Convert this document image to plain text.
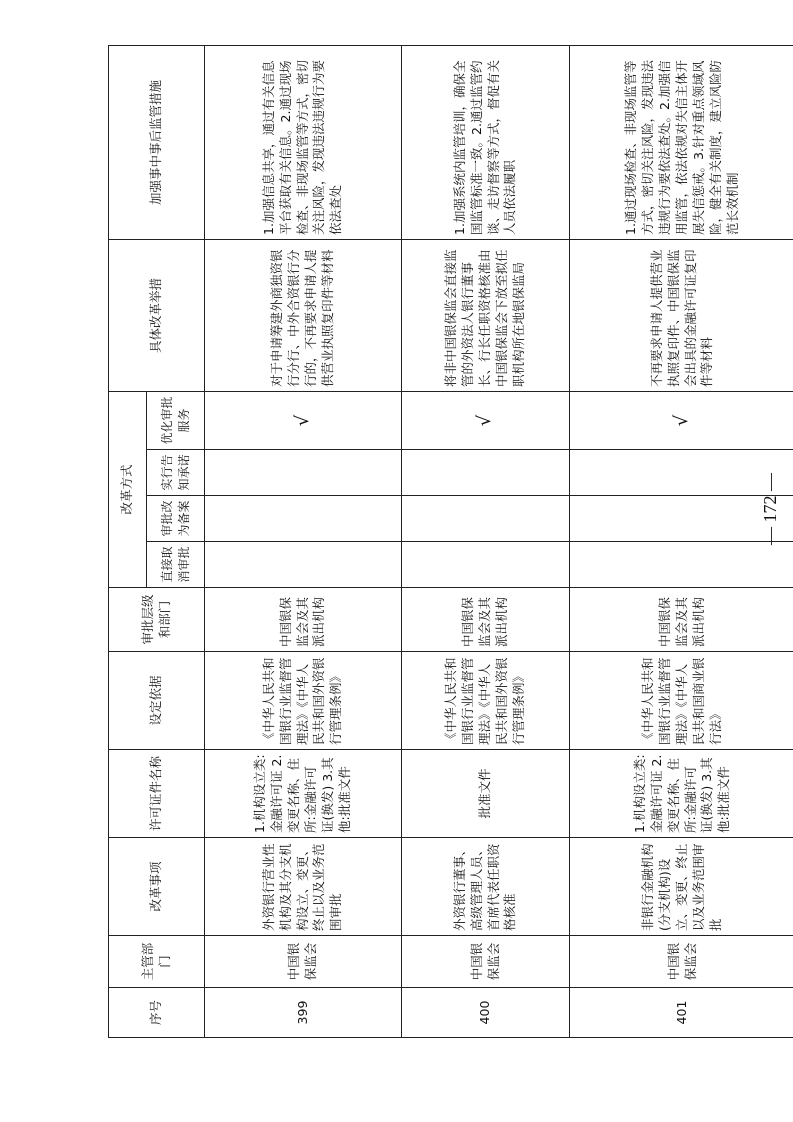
序号	主管部门	改革事项	许可证件名称	设定依据	审批层级和部门	改革方式				具体改革举措	加强事中事后监管措施
						直接取消审批	审批改为备案	实行告知承诺	优化审批服务		
399	中国银保监会	外资银行营业性机构及其分支机构设立、变更、终止以及业务范围审批	1.机构设立类:金融许可证 2.变更名称、住所:金融许可证(换发) 3.其他:批准文件	《中华人民共和国银行业监督管理法》《中华人民共和国外资银行管理条例》	中国银保监会及其派出机构				√	对于申请筹建外商独资银行分行、中外合资银行分行的，不再要求申请人提供营业执照复印件等材料	1.加强信息共享，通过有关信息平台获取有关信息。2.通过现场检查、非现场监管等方式，密切关注风险，发现违法违规行为要依法查处
400	中国银保监会	外资银行董事、高级管理人员、首席代表任职资格核准	批准文件	《中华人民共和国银行业监督管理法》《中华人民共和国外资银行管理条例》	中国银保监会及其派出机构				√	将非中国银保监会直接监管的外资法人银行董事长、行长任职资格核准由中国银保监会下放至拟任职机构所在地银保监局	1.加强系统内监管培训，确保全国监管标准一致。2.通过监管约谈、走访督察等方式，督促有关人员依法履职
401	中国银保监会	非银行金融机构(分支机构)设立、变更、终止以及业务范围审批	1.机构设立类:金融许可证 2.变更名称、住所:金融许可证(换发) 3.其他:批准文件	《中华人民共和国银行业监督管理法》《中华人民共和国商业银行法》	中国银保监会及其派出机构				√	不再要求申请人提供营业执照复印件、中国银保监会出具的金融许可证复印件等材料	1.通过现场检查、非现场监管等方式，密切关注风险，发现违法违规行为要依法查处。2.加强信用监管，依法依规对失信主体开展失信惩戒。3.针对重点领域风险，健全有关制度，建立风险防范长效机制
— 172 —
